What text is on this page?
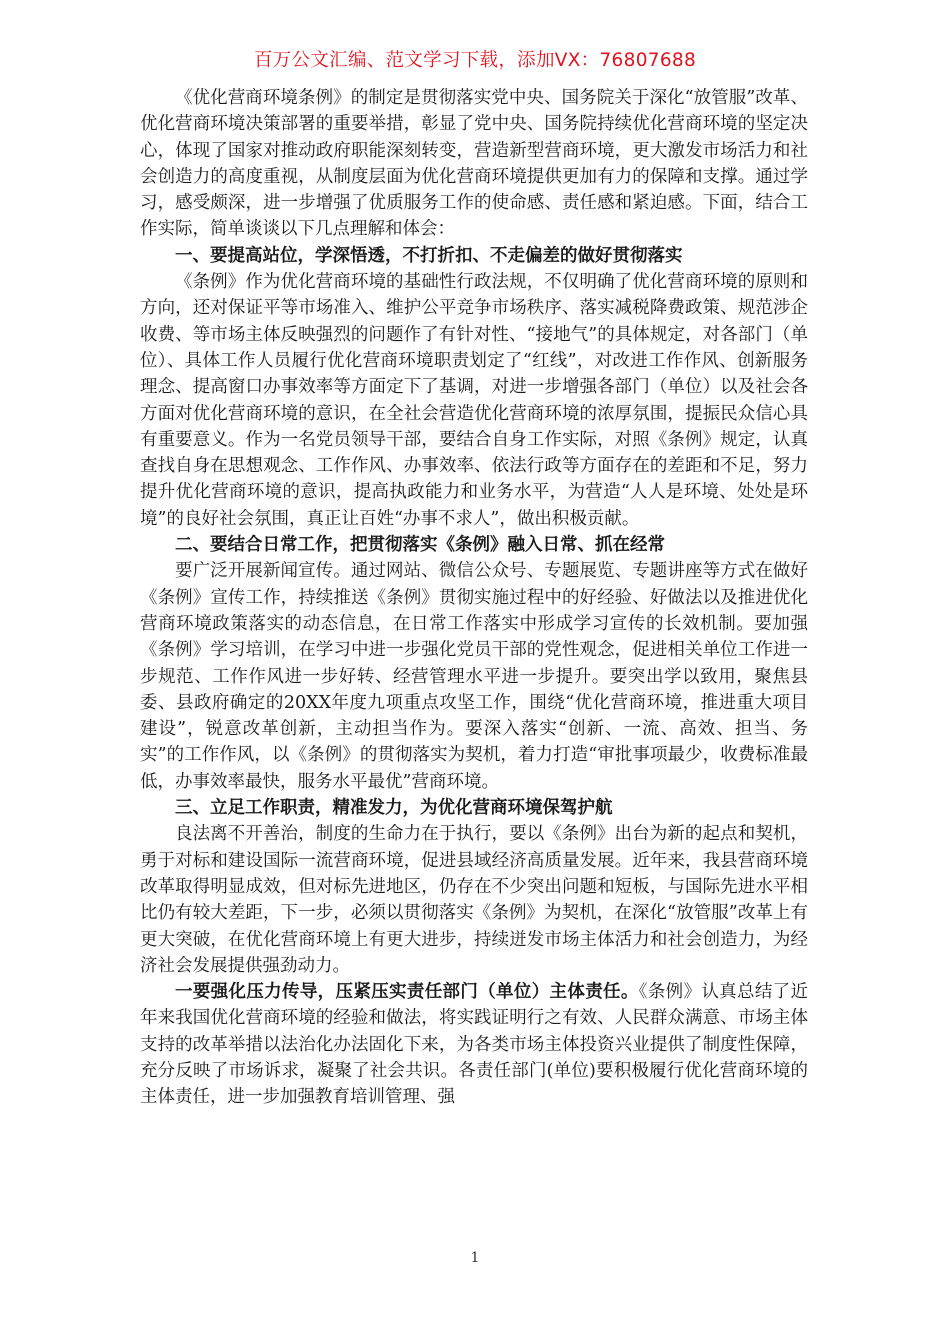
百万公文汇编、范文学习下载，添加VX：76807688

《优化营商环境条例》的制定是贯彻落实党中央、国务院关于深化“放管服”改革、优化营商环境决策部署的重要举措，彰显了党中央、国务院持续优化营商环境的坚定决心，体现了国家对推动政府职能深刻转变，营造新型营商环境，更大激发市场活力和社会创造力的高度重视，从制度层面为优化营商环境提供更加有力的保障和支撑。通过学习，感受颇深，进一步增强了优质服务工作的使命感、责任感和紧迫感。下面，结合工作实际，简单谈谈以下几点理解和体会：

一、要提高站位，学深悟透，不打折扣、不走偏差的做好贯彻落实

《条例》作为优化营商环境的基础性行政法规，不仅明确了优化营商环境的原则和方向，还对保证平等市场准入、维护公平竞争市场秩序、落实减税降费政策、规范涉企收费、等市场主体反映强烈的问题作了有针对性、“接地气”的具体规定，对各部门（单位）、具体工作人员履行优化营商环境职责划定了“红线”，对改进工作作风、创新服务理念、提高窗口办事效率等方面定下了基调，对进一步增强各部门（单位）以及社会各方面对优化营商环境的意识，在全社会营造优化营商环境的浓厚氛围，提振民众信心具有重要意义。作为一名党员领导干部，要结合自身工作实际，对照《条例》规定，认真查找自身在思想观念、工作作风、办事效率、依法行政等方面存在的差距和不足，努力提升优化营商环境的意识，提高执政能力和业务水平，为营造“人人是环境、处处是环境”的良好社会氛围，真正让百姓“办事不求人”，做出积极贡献。

二、要结合日常工作，把贯彻落实《条例》融入日常、抓在经常

要广泛开展新闻宣传。通过网站、微信公众号、专题展览、专题讲座等方式在做好《条例》宣传工作，持续推送《条例》贯彻实施过程中的好经验、好做法以及推进优化营商环境政策落实的动态信息，在日常工作落实中形成学习宣传的长效机制。要加强《条例》学习培训，在学习中进一步强化党员干部的党性观念，促进相关单位工作进一步规范、工作作风进一步好转、经营管理水平进一步提升。要突出学以致用，聚焦县委、县政府确定的20XX年度九项重点攻坚工作，围绕“优化营商环境，推进重大项目建设”，锐意改革创新，主动担当作为。要深入落实“创新、一流、高效、担当、务实”的工作作风，以《条例》的贯彻落实为契机，着力打造“审批事项最少，收费标准最低，办事效率最快，服务水平最优”营商环境。

三、立足工作职责，精准发力，为优化营商环境保驾护航

良法离不开善治，制度的生命力在于执行，要以《条例》出台为新的起点和契机，勇于对标和建设国际一流营商环境，促进县域经济高质量发展。近年来，我县营商环境改革取得明显成效，但对标先进地区，仍存在不少突出问题和短板，与国际先进水平相比仍有较大差距，下一步，必须以贯彻落实《条例》为契机，在深化“放管服”改革上有更大突破，在优化营商环境上有更大进步，持续迸发市场主体活力和社会创造力，为经济社会发展提供强劲动力。

一要强化压力传导，压紧压实责任部门（单位）主体责任。《条例》认真总结了近年来我国优化营商环境的经验和做法，将实践证明行之有效、人民群众满意、市场主体支持的改革举措以法治化办法固化下来，为各类市场主体投资兴业提供了制度性保障，充分反映了市场诉求，凝聚了社会共识。各责任部门(单位)要积极履行优化营商环境的主体责任，进一步加强教育培训管理、强

1
